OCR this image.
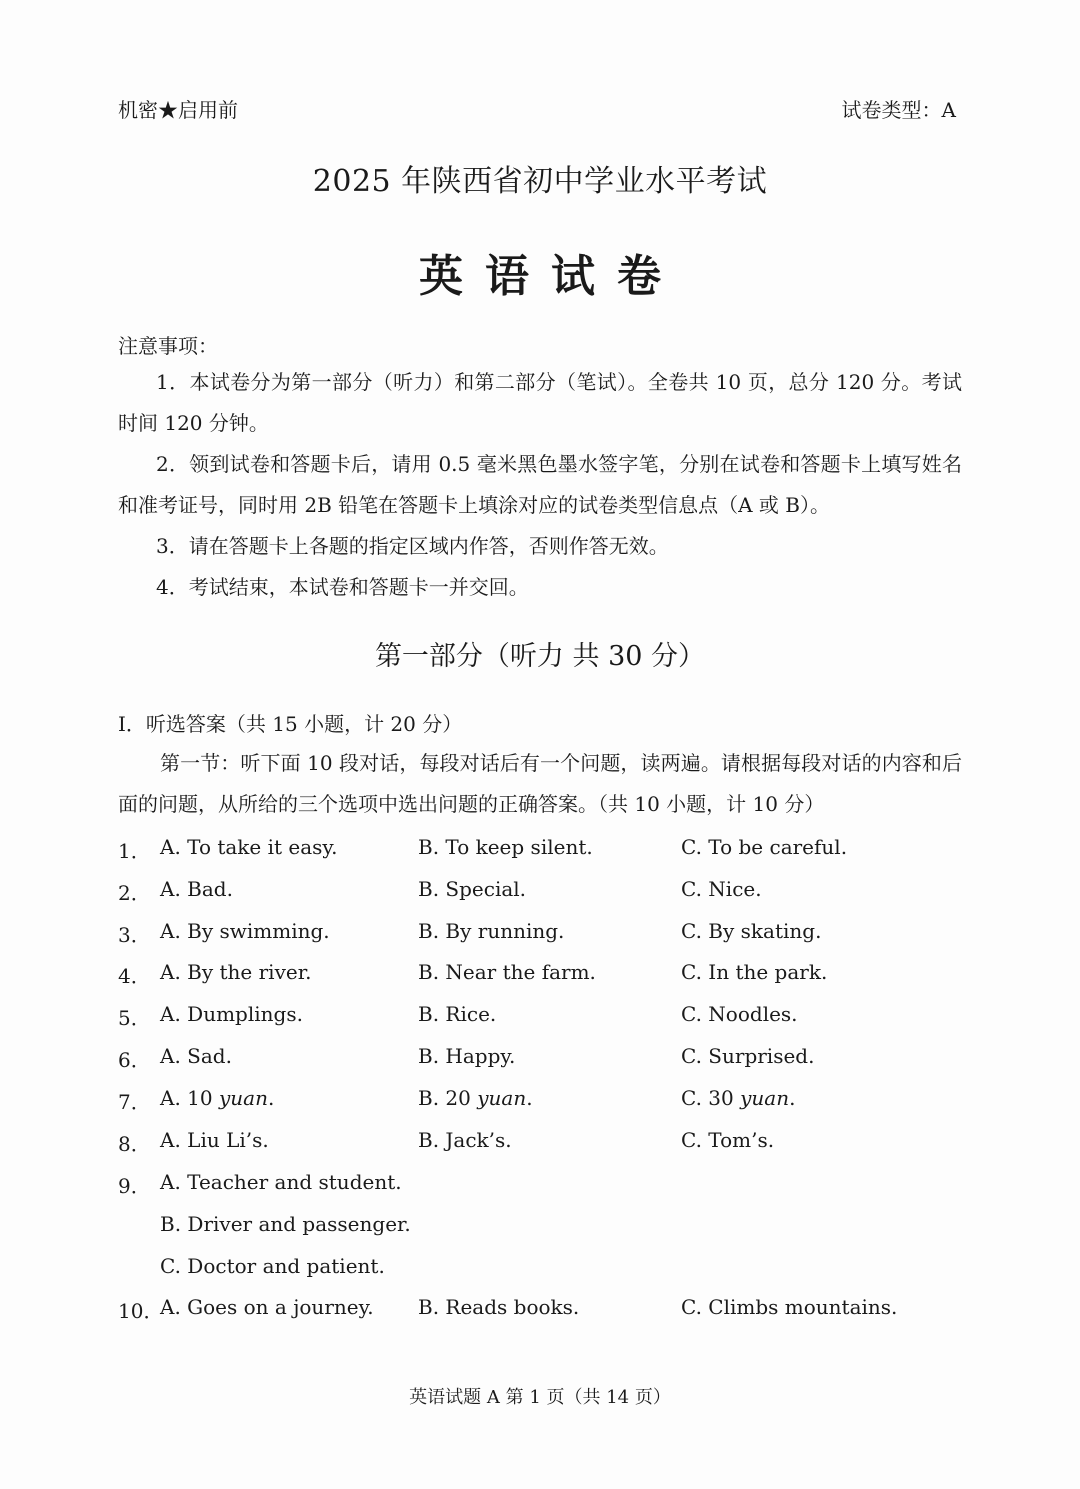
机密★启用前	试卷类型：A
2025 年陕西省初中学业水平考试
英语试卷
注意事项：
1．本试卷分为第一部分（听力）和第二部分（笔试）。全卷共 10 页，总分 120 分。考试时间 120 分钟。
2．领到试卷和答题卡后，请用 0.5 毫米黑色墨水签字笔，分别在试卷和答题卡上填写姓名和准考证号，同时用 2B 铅笔在答题卡上填涂对应的试卷类型信息点（A 或 B）。
3．请在答题卡上各题的指定区域内作答，否则作答无效。
4．考试结束，本试卷和答题卡一并交回。
第一部分（听力 共 30 分）
Ⅰ．听选答案（共 15 小题，计 20 分）
第一节：听下面 10 段对话，每段对话后有一个问题，读两遍。请根据每段对话的内容和后面的问题，从所给的三个选项中选出问题的正确答案。（共 10 小题，计 10 分）
1． A. To take it easy.	B. To keep silent.	C. To be careful.
2． A. Bad.	B. Special.	C. Nice.
3． A. By swimming.	B. By running.	C. By skating.
4． A. By the river.	B. Near the farm.	C. In the park.
5． A. Dumplings.	B. Rice.	C. Noodles.
6． A. Sad.	B. Happy.	C. Surprised.
7． A. 10 yuan.	B. 20 yuan.	C. 30 yuan.
8． A. Liu Li’s.	B. Jack’s.	C. Tom’s.
9． A. Teacher and student.
B. Driver and passenger.
C. Doctor and patient.
10．
A. Goes on a journey. B. Reads books.	C. Climbs mountains.
英语试题 A 第 1 页（共 14 页）
